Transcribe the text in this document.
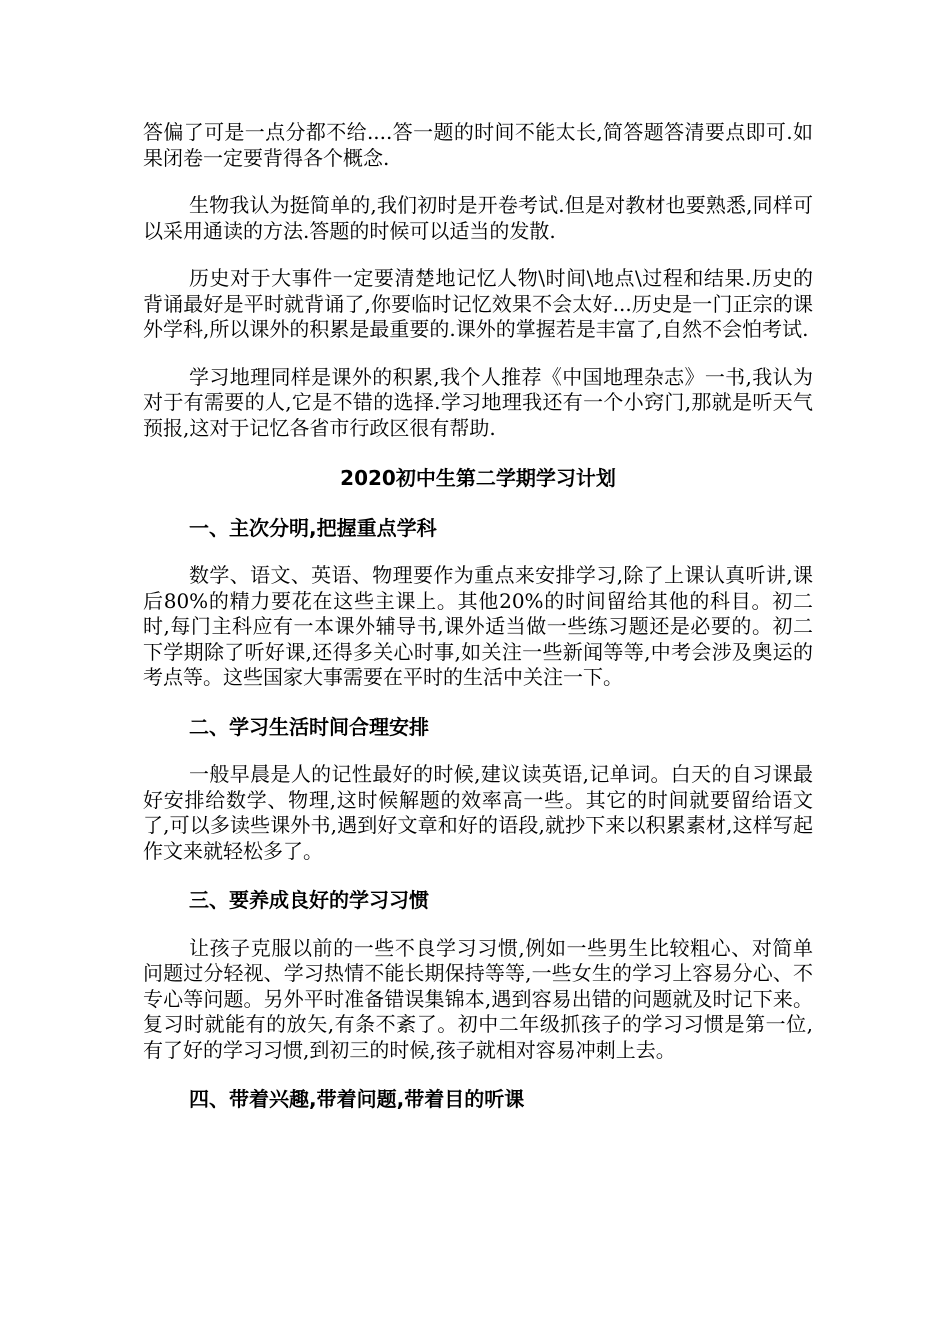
答偏了可是一点分都不给....答一题的时间不能太长,简答题答清要点即可.如果闭卷一定要背得各个概念.

生物我认为挺简单的,我们初时是开卷考试.但是对教材也要熟悉,同样可以采用通读的方法.答题的时候可以适当的发散.

历史对于大事件一定要清楚地记忆人物\时间\地点\过程和结果.历史的背诵最好是平时就背诵了,你要临时记忆效果不会太好...历史是一门正宗的课外学科,所以课外的积累是最重要的.课外的掌握若是丰富了,自然不会怕考试.

学习地理同样是课外的积累,我个人推荐《中国地理杂志》一书,我认为对于有需要的人,它是不错的选择.学习地理我还有一个小窍门,那就是听天气预报,这对于记忆各省市行政区很有帮助.

2020初中生第二学期学习计划
一、主次分明,把握重点学科

数学、语文、英语、物理要作为重点来安排学习,除了上课认真听讲,课后80%的精力要花在这些主课上。其他20%的时间留给其他的科目。初二时,每门主科应有一本课外辅导书,课外适当做一些练习题还是必要的。初二下学期除了听好课,还得多关心时事,如关注一些新闻等等,中考会涉及奥运的考点等。这些国家大事需要在平时的生活中关注一下。

二、学习生活时间合理安排

一般早晨是人的记性最好的时候,建议读英语,记单词。白天的自习课最好安排给数学、物理,这时候解题的效率高一些。其它的时间就要留给语文了,可以多读些课外书,遇到好文章和好的语段,就抄下来以积累素材,这样写起作文来就轻松多了。

三、要养成良好的学习习惯

让孩子克服以前的一些不良学习习惯,例如一些男生比较粗心、对简单问题过分轻视、学习热情不能长期保持等等,一些女生的学习上容易分心、不专心等问题。另外平时准备错误集锦本,遇到容易出错的问题就及时记下来。复习时就能有的放矢,有条不紊了。初中二年级抓孩子的学习习惯是第一位,有了好的学习习惯,到初三的时候,孩子就相对容易冲刺上去。

四、带着兴趣,带着问题,带着目的听课
